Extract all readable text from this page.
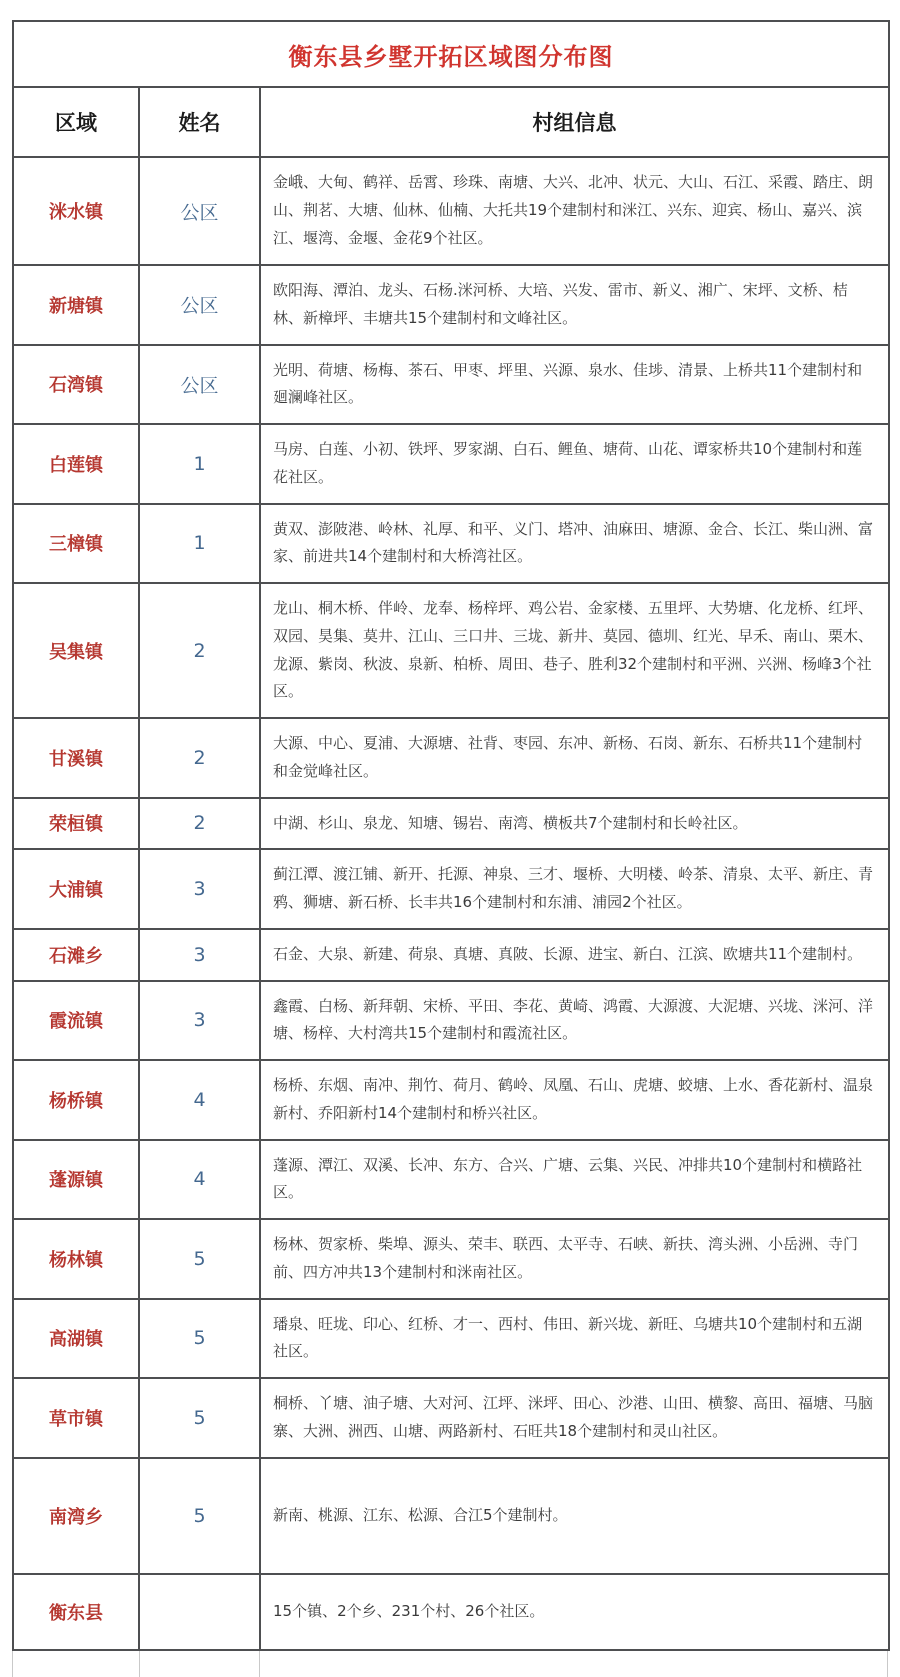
衡东县乡墅开拓区域图分布图		
区域	姓名	村组信息
洣水镇	公区	金峨、大甸、鹤祥、岳霄、珍珠、南塘、大兴、北冲、状元、大山、石江、采霞、踏庄、朗山、荆茗、大塘、仙林、仙楠、大托共19个建制村和洣江、兴东、迎宾、杨山、嘉兴、滨江、堰湾、金堰、金花9个社区。
新塘镇	公区	欧阳海、潭泊、龙头、石杨.洣河桥、大培、兴发、雷市、新义、湘广、宋坪、文桥、桔林、新樟坪、丰塘共15个建制村和文峰社区。
石湾镇	公区	光明、荷塘、杨梅、茶石、甲枣、坪里、兴源、泉水、佳埗、清景、上桥共11个建制村和廻澜峰社区。
白莲镇	1	马房、白莲、小初、铁坪、罗家湖、白石、鲤鱼、塘荷、山花、谭家桥共10个建制村和莲花社区。
三樟镇	1	黄双、澎陂港、岭林、礼厚、和平、义门、塔冲、油麻田、塘源、金合、长江、柴山洲、富家、前进共14个建制村和大桥湾社区。
吴集镇	2	龙山、桐木桥、伴岭、龙奉、杨梓坪、鸡公岩、金家楼、五里坪、大势塘、化龙桥、红坪、双园、昊集、莫井、江山、三口井、三垅、新井、莫园、德圳、红光、早禾、南山、栗木、龙源、紫岗、秋波、泉新、柏桥、周田、巷子、胜利32个建制村和平洲、兴洲、杨峰3个社区。
甘溪镇	2	大源、中心、夏浦、大源塘、社背、枣园、东冲、新杨、石岗、新东、石桥共11个建制村和金觉峰社区。
荣桓镇	2	中湖、杉山、泉龙、知塘、锡岩、南湾、横板共7个建制村和长岭社区。
大浦镇	3	蓟江潭、渡江铺、新开、托源、神泉、三才、堰桥、大明楼、岭茶、清泉、太平、新庄、青鸦、狮塘、新石桥、长丰共16个建制村和东浦、浦园2个社区。
石滩乡	3	石金、大泉、新建、荷泉、真塘、真陂、长源、进宝、新白、江滨、欧塘共11个建制村。
霞流镇	3	鑫霞、白杨、新拜朝、宋桥、平田、李花、黄崎、鸿霞、大源渡、大泥塘、兴垅、洣河、洋塘、杨梓、大村湾共15个建制村和霞流社区。
杨桥镇	4	杨桥、东烟、南冲、荆竹、荷月、鹤岭、凤凰、石山、虎塘、蛟塘、上水、香花新村、温泉新村、乔阳新村14个建制村和桥兴社区。
蓬源镇	4	蓬源、潭江、双溪、长冲、东方、合兴、广塘、云集、兴民、冲排共10个建制村和横路社区。
杨林镇	5	杨林、贺家桥、柴埠、源头、荣丰、联西、太平寺、石峡、新扶、湾头洲、小岳洲、寺门前、四方冲共13个建制村和洣南社区。
高湖镇	5	璠泉、旺垅、印心、红桥、才一、西村、伟田、新兴垅、新旺、乌塘共10个建制村和五湖社区。
草市镇	5	桐桥、丫塘、油子塘、大对河、江坪、洣坪、田心、沙港、山田、横黎、高田、福塘、马脑寨、大洲、洲西、山塘、两路新村、石旺共18个建制村和灵山社区。
南湾乡	5	新南、桃源、江东、松源、合江5个建制村。
衡东县		15个镇、2个乡、231个村、26个社区。
